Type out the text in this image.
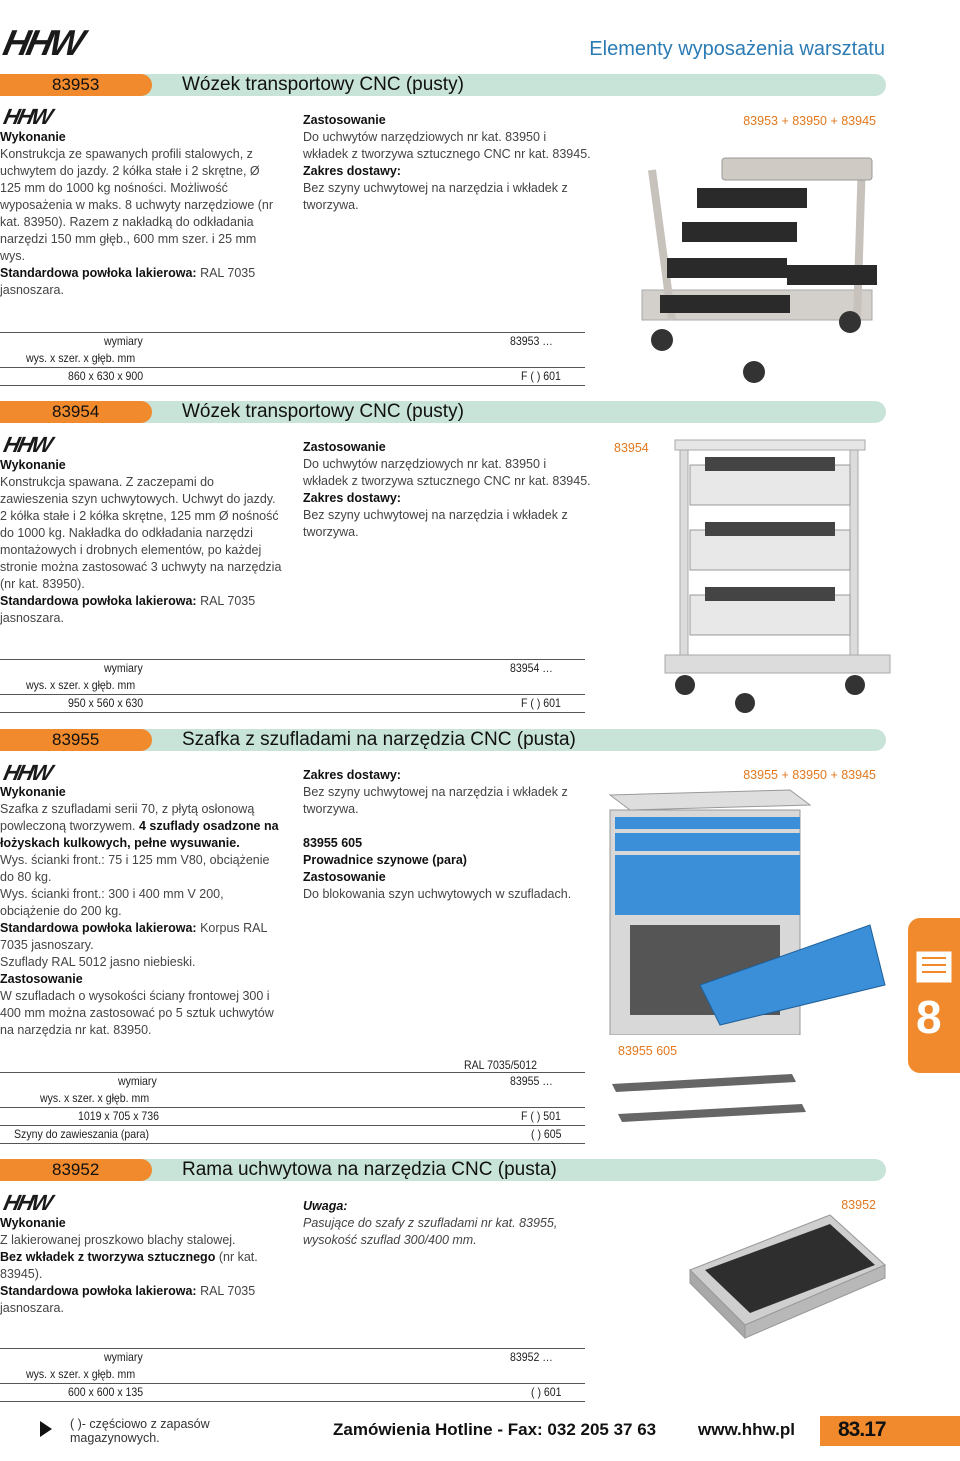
HHW	Elementy wyposażenia warsztatu
83953	Wózek transportowy CNC (pusty)
HHW
Wykonanie
Konstrukcja ze spawanych profili stalowych, z uchwytem do jazdy. 2 kółka stałe i 2 skrętne, Ø 125 mm do 1000 kg nośności. Możliwość wyposażenia w maks. 8 uchwyty narzędziowe (nr kat. 83950). Razem z nakładką do odkładania narzędzi 150 mm głęb., 600 mm szer. i 25 mm wys.
Standardowa powłoka lakierowa: RAL 7035 jasnoszara.
Zastosowanie
Do uchwytów narzędziowych nr kat. 83950 i wkładek z tworzywa sztucznego CNC nr kat. 83945.
Zakres dostawy:
Bez szyny uchwytowej na narzędzia i wkładek z tworzywa.
83953 + 83950 + 83945
wymiary	83953 …
wys. x szer. x głęb. mm
860 x 630 x 900	F ( ) 601
83954	Wózek transportowy CNC (pusty)
HHW
Wykonanie
Konstrukcja spawana. Z zaczepami do zawieszenia szyn uchwytowych. Uchwyt do jazdy. 2 kółka stałe i 2 kółka skrętne, 125 mm Ø nośność do 1000 kg. Nakładka do odkładania narzędzi montażowych i drobnych elementów, po każdej stronie można zastosować 3 uchwyty na narzędzia (nr kat. 83950).
Standardowa powłoka lakierowa: RAL 7035 jasnoszara.
Zastosowanie
Do uchwytów narzędziowych nr kat. 83950 i wkładek z tworzywa sztucznego CNC nr kat. 83945.
Zakres dostawy:
Bez szyny uchwytowej na narzędzia i wkładek z tworzywa.
83954
wymiary	83954 …
wys. x szer. x głęb. mm
950 x 560 x 630	F ( ) 601
83955	Szafka z szufladami na narzędzia CNC (pusta)
HHW
Wykonanie
Szafka z szufladami serii 70, z płytą osłonową powleczoną tworzywem. 4 szuflady osadzone na łożyskach kulkowych, pełne wysuwanie.
Wys. ścianki front.: 75 i 125 mm V80, obciążenie do 80 kg.
Wys. ścianki front.: 300 i 400 mm V 200, obciążenie do 200 kg.
Standardowa powłoka lakierowa: Korpus RAL 7035 jasnoszary.
Szuflady RAL 5012 jasno niebieski.
Zastosowanie
W szufladach o wysokości ściany frontowej 300 i 400 mm można zastosować po 5 sztuk uchwytów na narzędzia nr kat. 83950.
Zakres dostawy:
Bez szyny uchwytowej na narzędzia i wkładek z tworzywa.

83955 605
Prowadnice szynowe (para)
Zastosowanie
Do blokowania szyn uchwytowych w szufladach.
83955 + 83950 + 83945
83955 605
RAL 7035/5012
wymiary	83955 …
wys. x szer. x głęb. mm
1019 x 705 x 736	F ( ) 501
Szyny do zawieszania (para)	( ) 605
83952	Rama uchwytowa na narzędzia CNC (pusta)
HHW
Wykonanie
Z lakierowanej proszkowo blachy stalowej.
Bez wkładek z tworzywa sztucznego (nr kat. 83945).
Standardowa powłoka lakierowa: RAL 7035 jasnoszara.
Uwaga:
Pasujące do szafy z szufladami nr kat. 83955, wysokość szuflad 300/400 mm.
83952
wymiary	83952 …
wys. x szer. x głęb. mm
600 x 600 x 135	( ) 601
8
( )- częściowo z zapasów magazynowych.	Zamówienia Hotline - Fax: 032 205 37 63 www.hhw.pl 83.17
